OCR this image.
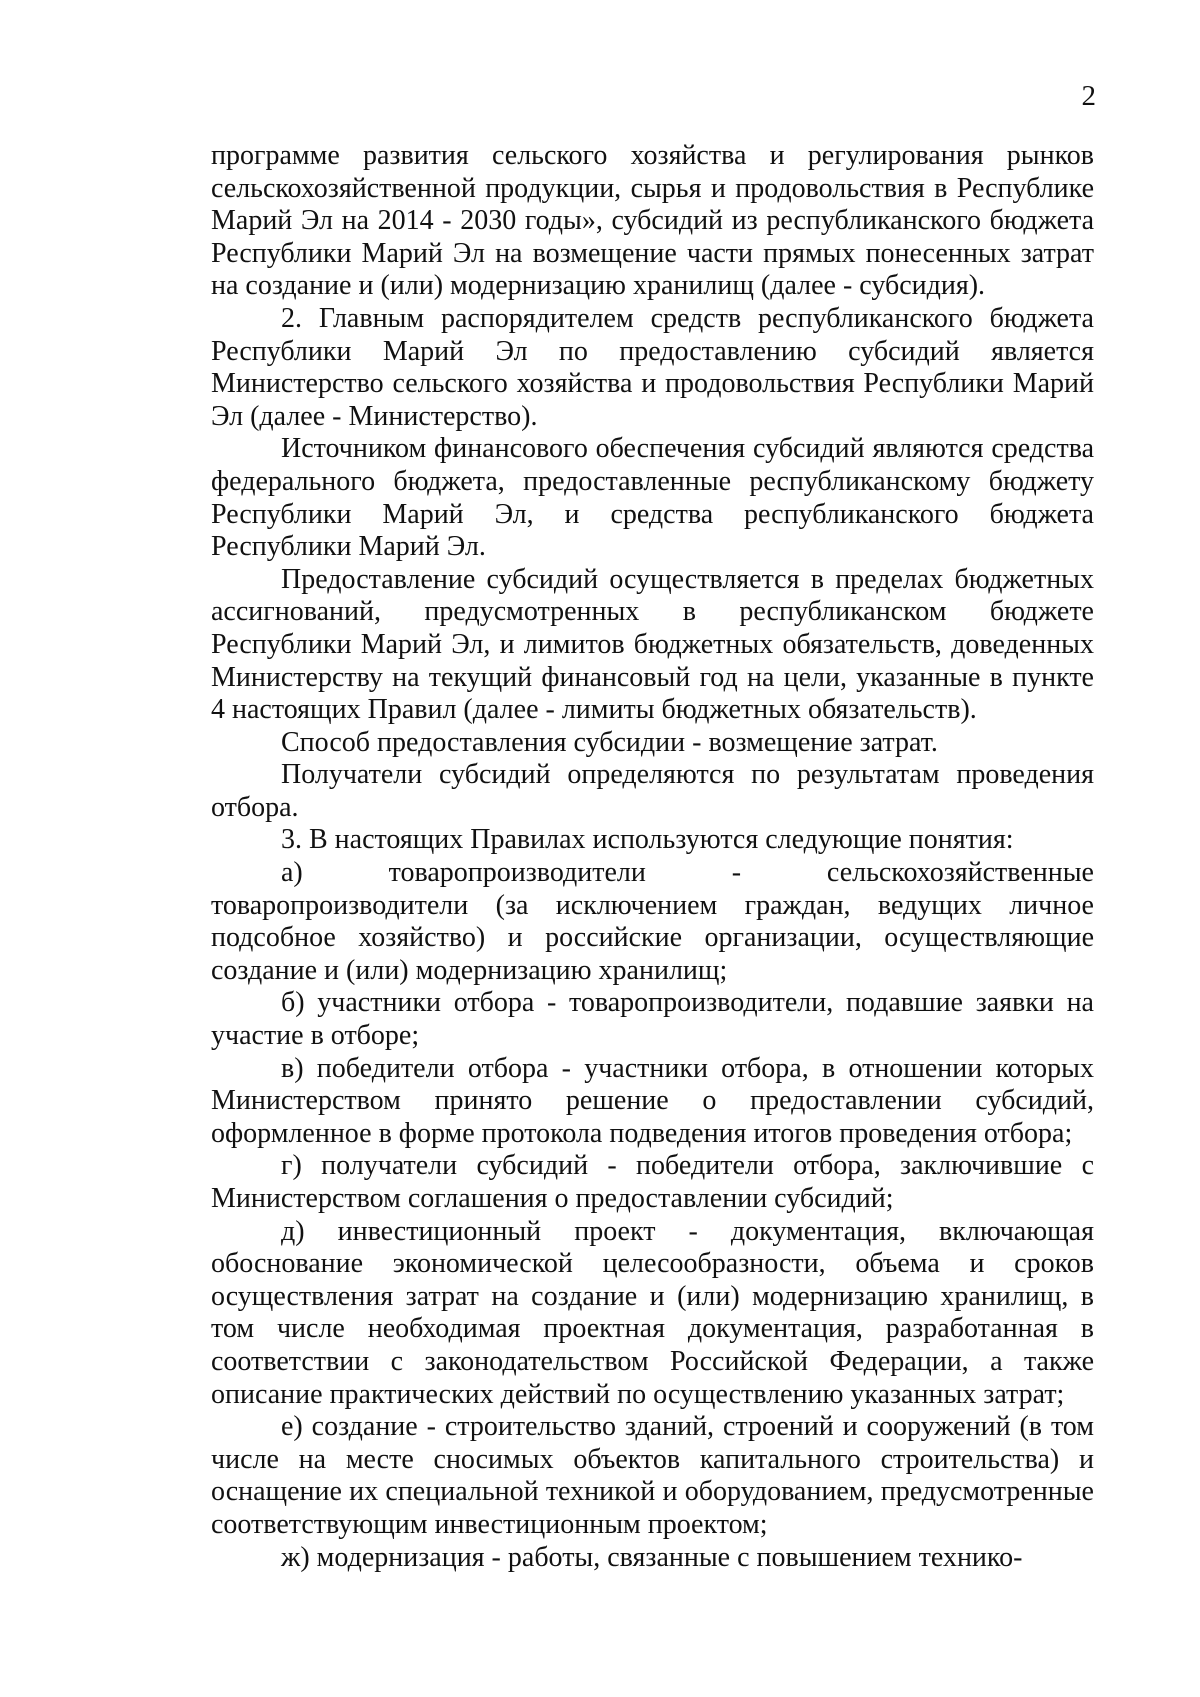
2

программе развития сельского хозяйства и регулирования рынков сельскохозяйственной продукции, сырья и продовольствия в Республике Марий Эл на 2014 - 2030 годы», субсидий из республиканского бюджета Республики Марий Эл на возмещение части прямых понесенных затрат на создание и (или) модернизацию хранилищ (далее - субсидия).

2. Главным распорядителем средств республиканского бюджета Республики Марий Эл по предоставлению субсидий является Министерство сельского хозяйства и продовольствия Республики Марий Эл (далее - Министерство).

Источником финансового обеспечения субсидий являются средства федерального бюджета, предоставленные республиканскому бюджету Республики Марий Эл, и средства республиканского бюджета Республики Марий Эл.

Предоставление субсидий осуществляется в пределах бюджетных ассигнований, предусмотренных в республиканском бюджете Республики Марий Эл, и лимитов бюджетных обязательств, доведенных Министерству на текущий финансовый год на цели, указанные в пункте 4 настоящих Правил (далее - лимиты бюджетных обязательств).

Способ предоставления субсидии - возмещение затрат.

Получатели субсидий определяются по результатам проведения отбора.

3. В настоящих Правилах используются следующие понятия:

а) товаропроизводители - сельскохозяйственные товаропроизводители (за исключением граждан, ведущих личное подсобное хозяйство) и российские организации, осуществляющие создание и (или) модернизацию хранилищ;

б) участники отбора - товаропроизводители, подавшие заявки на участие в отборе;

в) победители отбора - участники отбора, в отношении которых Министерством принято решение о предоставлении субсидий, оформленное в форме протокола подведения итогов проведения отбора;

г) получатели субсидий - победители отбора, заключившие с Министерством соглашения о предоставлении субсидий;

д) инвестиционный проект - документация, включающая обоснование экономической целесообразности, объема и сроков осуществления затрат на создание и (или) модернизацию хранилищ, в том числе необходимая проектная документация, разработанная в соответствии с законодательством Российской Федерации, а также описание практических действий по осуществлению указанных затрат;

е) создание - строительство зданий, строений и сооружений (в том числе на месте сносимых объектов капитального строительства) и оснащение их специальной техникой и оборудованием, предусмотренные соответствующим инвестиционным проектом;

ж) модернизация - работы, связанные с повышением технико-
